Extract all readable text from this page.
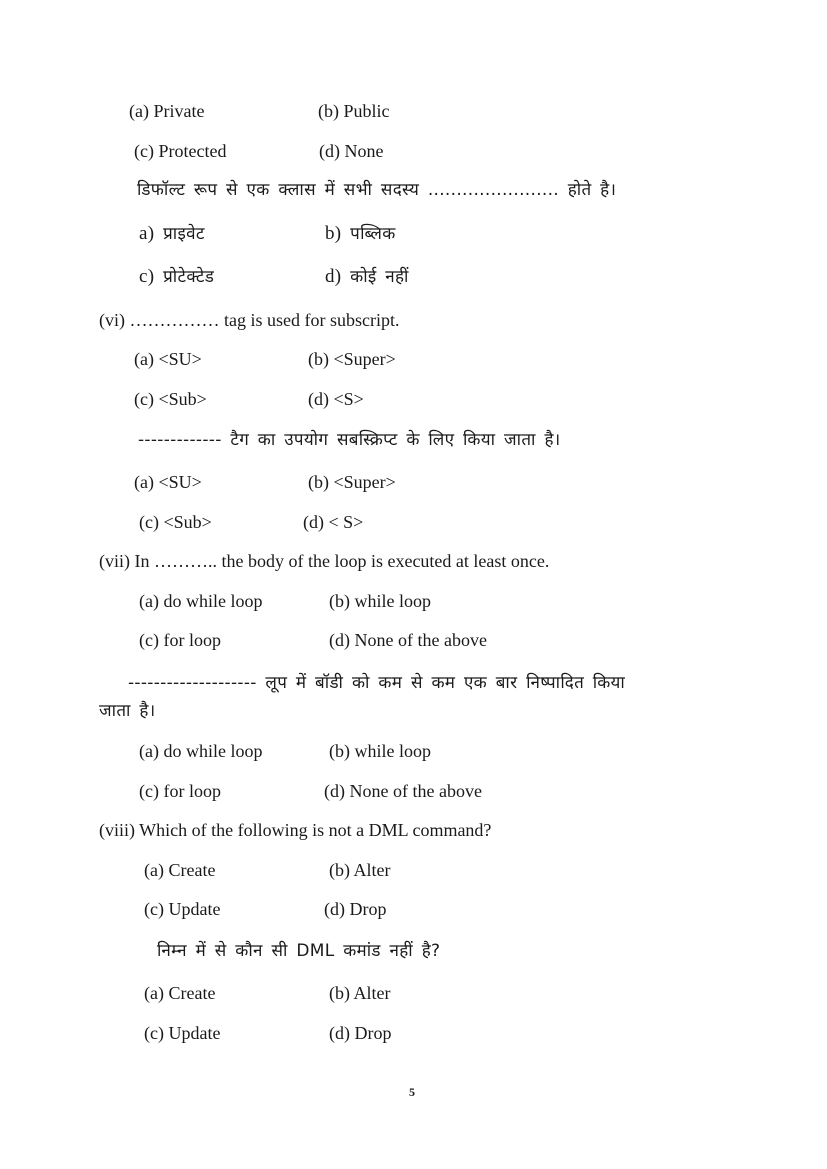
(a) Private	(b) Public
(c) Protected	(d) None
डिफॉल्ट रूप से एक क्लास में सभी सदस्य ....................... होते है।
a) प्राइवेट	b) पब्लिक
c) प्रोटेक्टेड	d) कोई नहीं
(vi) …………… tag is used for subscript.
(a) <SU>	(b) <Super>
(c) <Sub>	(d) <S>
------------- टैग का उपयोग सबस्क्रिप्ट के लिए किया जाता है।
(a) <SU>	(b) <Super>
(c) <Sub>	(d) < S>
(vii) In ……….. the body of the loop is executed at least once.
(a) do while loop	(b) while loop
(c) for loop	(d) None of the above
-------------------- लूप में बॉडी को कम से कम एक बार निष्पादित किया
जाता है।
(a) do while loop	(b) while loop
(c) for loop	(d) None of the above
(viii) Which of the following is not a DML command?
(a) Create	(b) Alter
(c) Update	(d) Drop
निम्न में से कौन सी DML कमांड नहीं है?
(a) Create	(b) Alter
(c) Update	(d) Drop
5
